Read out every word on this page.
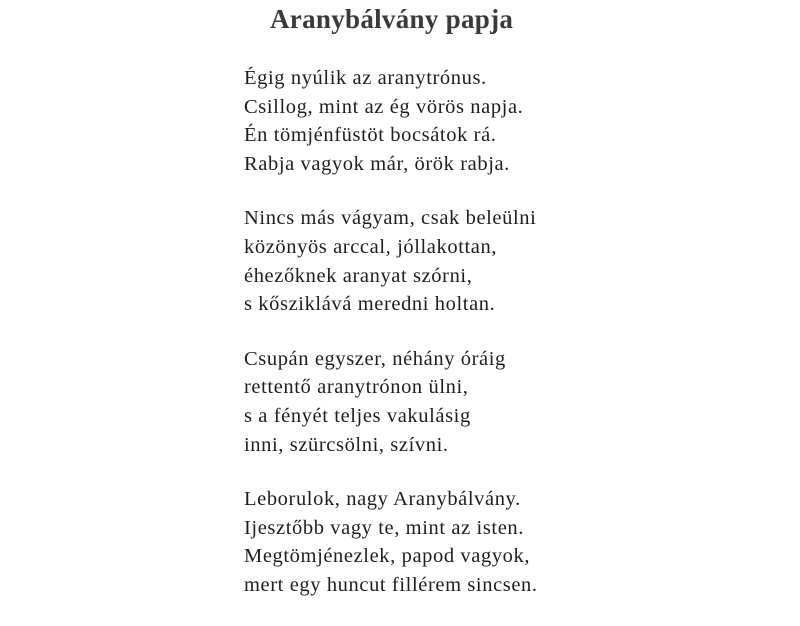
Aranybálvány papja
Égig nyúlik az aranytrónus.
Csillog, mint az ég vörös napja.
Én tömjénfüstöt bocsátok rá.
Rabja vagyok már, örök rabja.
Nincs más vágyam, csak beleülni
közönyös arccal, jóllakottan,
éhezőknek aranyat szórni,
s kősziklává meredni holtan.
Csupán egyszer, néhány óráig
rettentő aranytrónon ülni,
s a fényét teljes vakulásig
inni, szürcsölni, szívni.
Leborulok, nagy Aranybálvány.
Ijesztőbb vagy te, mint az isten.
Megtömjénezlek, papod vagyok,
mert egy huncut fillérem sincsen.
